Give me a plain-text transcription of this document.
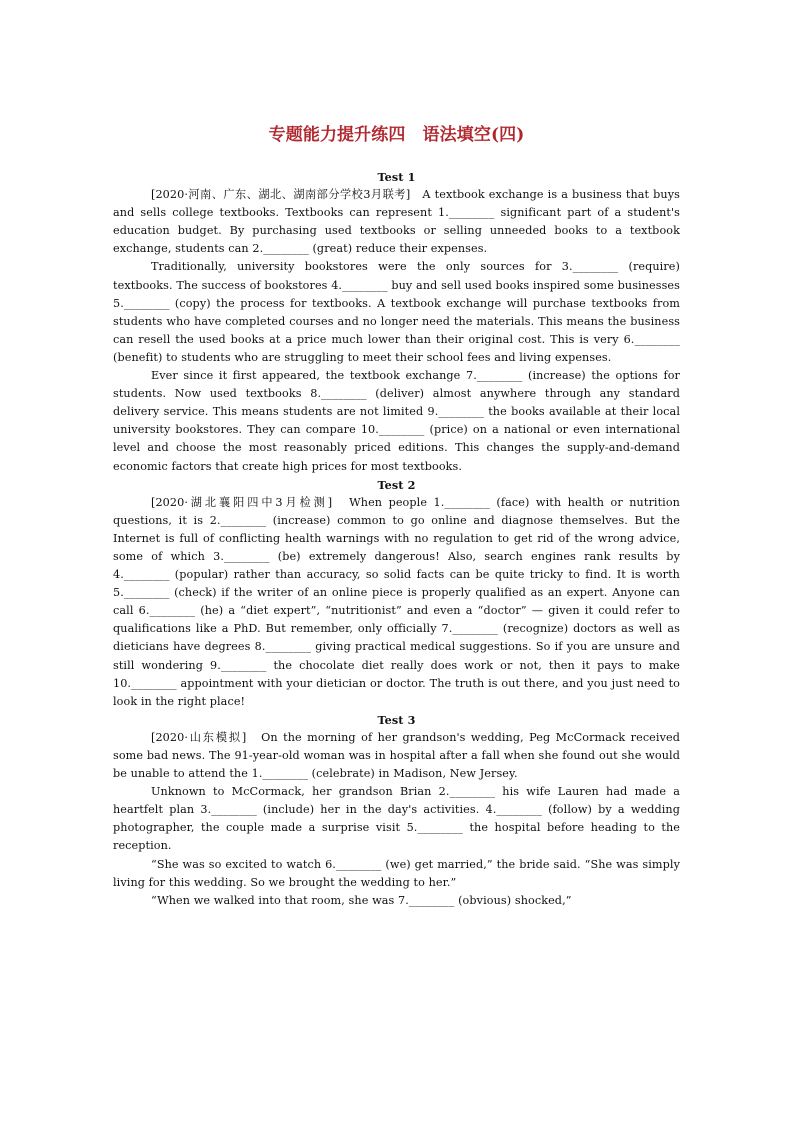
专题能力提升练四　语法填空(四)
Test 1

[2020·河南、广东、湖北、湖南部分学校3月联考]　A textbook exchange is a business that buys and sells college textbooks. Textbooks can represent 1.________ significant part of a student's education budget. By purchasing used textbooks or selling unneeded books to a textbook exchange, students can 2.________ (great) reduce their expenses.

Traditionally, university bookstores were the only sources for 3.________ (require) textbooks. The success of bookstores 4.________ buy and sell used books inspired some businesses 5.________ (copy) the process for textbooks. A textbook exchange will purchase textbooks from students who have completed courses and no longer need the materials. This means the business can resell the used books at a price much lower than their original cost. This is very 6.________ (benefit) to students who are struggling to meet their school fees and living expenses.

Ever since it first appeared, the textbook exchange 7.________ (increase) the options for students. Now used textbooks 8.________ (deliver) almost anywhere through any standard delivery service. This means students are not limited 9.________ the books available at their local university bookstores. They can compare 10.________ (price) on a national or even international level and choose the most reasonably priced editions. This changes the supply-and-demand economic factors that create high prices for most textbooks.

Test 2

[2020·湖北襄阳四中3月检测]　When people 1.________ (face) with health or nutrition questions, it is 2.________ (increase) common to go online and diagnose themselves. But the Internet is full of conflicting health warnings with no regulation to get rid of the wrong advice, some of which 3.________ (be) extremely dangerous! Also, search engines rank results by 4.________ (popular) rather than accuracy, so solid facts can be quite tricky to find. It is worth 5.________ (check) if the writer of an online piece is properly qualified as an expert. Anyone can call 6.________ (he) a “diet expert”, “nutritionist” and even a “doctor” — given it could refer to qualifications like a PhD. But remember, only officially 7.________ (recognize) doctors as well as dieticians have degrees 8.________ giving practical medical suggestions. So if you are unsure and still wondering 9.________ the chocolate diet really does work or not, then it pays to make 10.________ appointment with your dietician or doctor. The truth is out there, and you just need to look in the right place!

Test 3

[2020·山东模拟]　On the morning of her grandson's wedding, Peg McCormack received some bad news. The 91-year-old woman was in hospital after a fall when she found out she would be unable to attend the 1.________ (celebrate) in Madison, New Jersey.

Unknown to McCormack, her grandson Brian 2.________ his wife Lauren had made a heartfelt plan 3.________ (include) her in the day's activities. 4.________ (follow) by a wedding photographer, the couple made a surprise visit 5.________ the hospital before heading to the reception.

“She was so excited to watch 6.________ (we) get married,” the bride said. “She was simply living for this wedding. So we brought the wedding to her.”

“When we walked into that room, she was 7.________ (obvious) shocked,”
